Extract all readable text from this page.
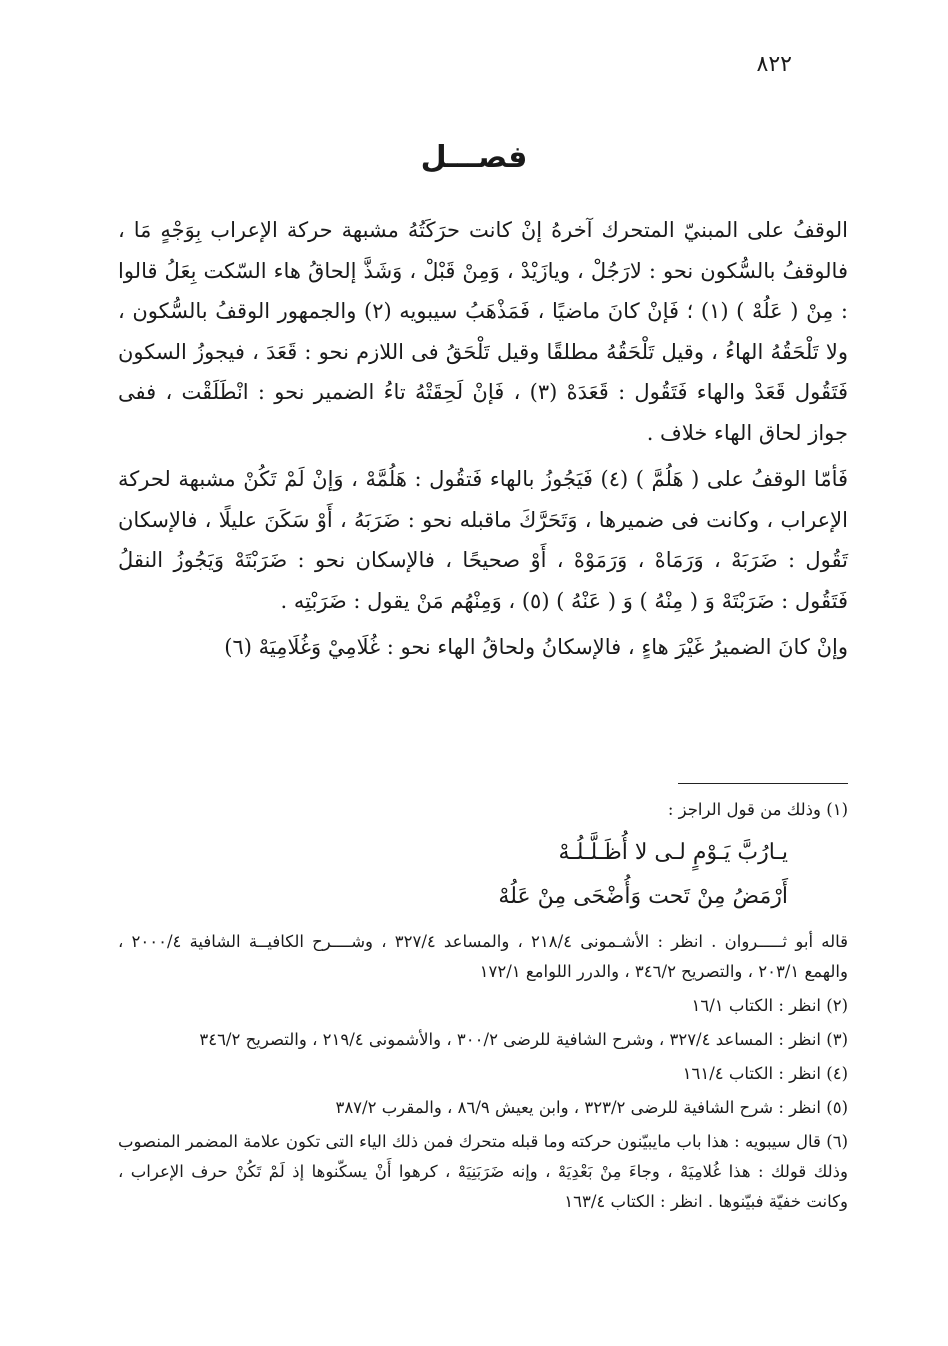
٨٢٢
فصـــل

الوقفُ على المبنيّ المتحرك آخرهُ إنْ كانت حرَكَتُهُ مشبهة حركة الإعراب بِوَجْهٍ مَا ، فالوقفُ بالسُّكون نحو : لارَجُلْ ، ويازَيْدْ ، وَمِنْ قَبْلْ ، وَشَذَّ إلحاقُ هاء السّكت بِعَلُ قالوا : مِنْ ( عَلُهْ ) (١) ؛ فَإنْ كانَ ماضيًا ، فَمَذْهَبُ سيبويه (٢) والجمهور الوقفُ بالسُّكون ، ولا تَلْحَقُهُ الهاءُ ، وقيل تَلْحَقُهُ مطلقًا وقيل تَلْحَقُ فى اللازم نحو : قَعَدَ ، فيجوزُ السكون فَتَقُول قَعَدْ والهاء فَتَقُول : قَعَدَهْ (٣) ، فَإنْ لَحِقَتْهُ تاءُ الضمير نحو : انْطَلَقْت ، ففى جواز لحاق الهاء خلاف .

فَأمّا الوقفُ على ( هَلُمَّ ) (٤) فَيَجُوزُ بالهاء فَتقُول : هَلُمَّهْ ، وَإنْ لَمْ تَكُنْ مشبهة لحركة الإعراب ، وكانت فى ضميرها ، وَتَحَرَّكَ ماقبله نحو : ضَرَبَهُ ، أَوْ سَكَنَ عليلًا ، فالإسكان تَقُول : ضَرَبَهْ ، وَرَمَاهْ ، وَرَمَوْهْ ، أَوْ صحيحًا ، فالإسكان نحو : ضَرَبْتَهْ وَيَجُوزُ النقلُ فَتَقُول : ضَرَبْتَهْ وَ ( مِنْهُ ) وَ ( عَنْهُ ) (٥) ، وَمِنْهُم مَنْ يقول : ضَرَبْتِه .

وإنْ كانَ الضميرُ غَيْرَ هاءٍ ، فالإسكانُ ولحاقُ الهاء نحو : غُلَامِيْ وَغُلَامِيَهْ (٦)

(١) وذلك من قول الراجز :

يـارُبَّ يَـوْمٍ لـى لا أُظَـلَّـلُـهْ
أَرْمَضُ مِنْ تَحت وَأُضْحَى مِنْ عَلُهْ

قاله أبو ثـــــروان . انظر : الأشـمونى ٢١٨/٤ ، والمساعد ٣٢٧/٤ ، وشــــرح الكافيــة الشافية ٢٠٠٠/٤ ، والهمع ٢٠٣/١ ، والتصريح ٣٤٦/٢ ، والدرر اللوامع ١٧٢/١

(٢) انظر : الكتاب ١٦/١

(٣) انظر : المساعد ٣٢٧/٤ ، وشرح الشافية للرضى ٣٠٠/٢ ، والأشمونى ٢١٩/٤ ، والتصريح ٣٤٦/٢

(٤) انظر : الكتاب ١٦١/٤

(٥) انظر : شرح الشافية للرضى ٣٢٣/٢ ، وابن يعيش ٨٦/٩ ، والمقرب ٣٨٧/٢

(٦) قال سيبويه : هذا باب مايبيّنون حركته وما قبله متحرك فمن ذلك الياء التى تكون علامة المضمر المنصوب وذلك قولك : هذا غُلامِيَهْ ، وجاءَ مِنْ بَعْدِيَهْ ، وإنه ضَرَبَنِيَهْ ، كرهوا أَنْ يسكّنوها إذ لَمْ تَكُنْ حرف الإعراب ، وكانت خفيّة فبيّنوها . انظر : الكتاب ١٦٣/٤
